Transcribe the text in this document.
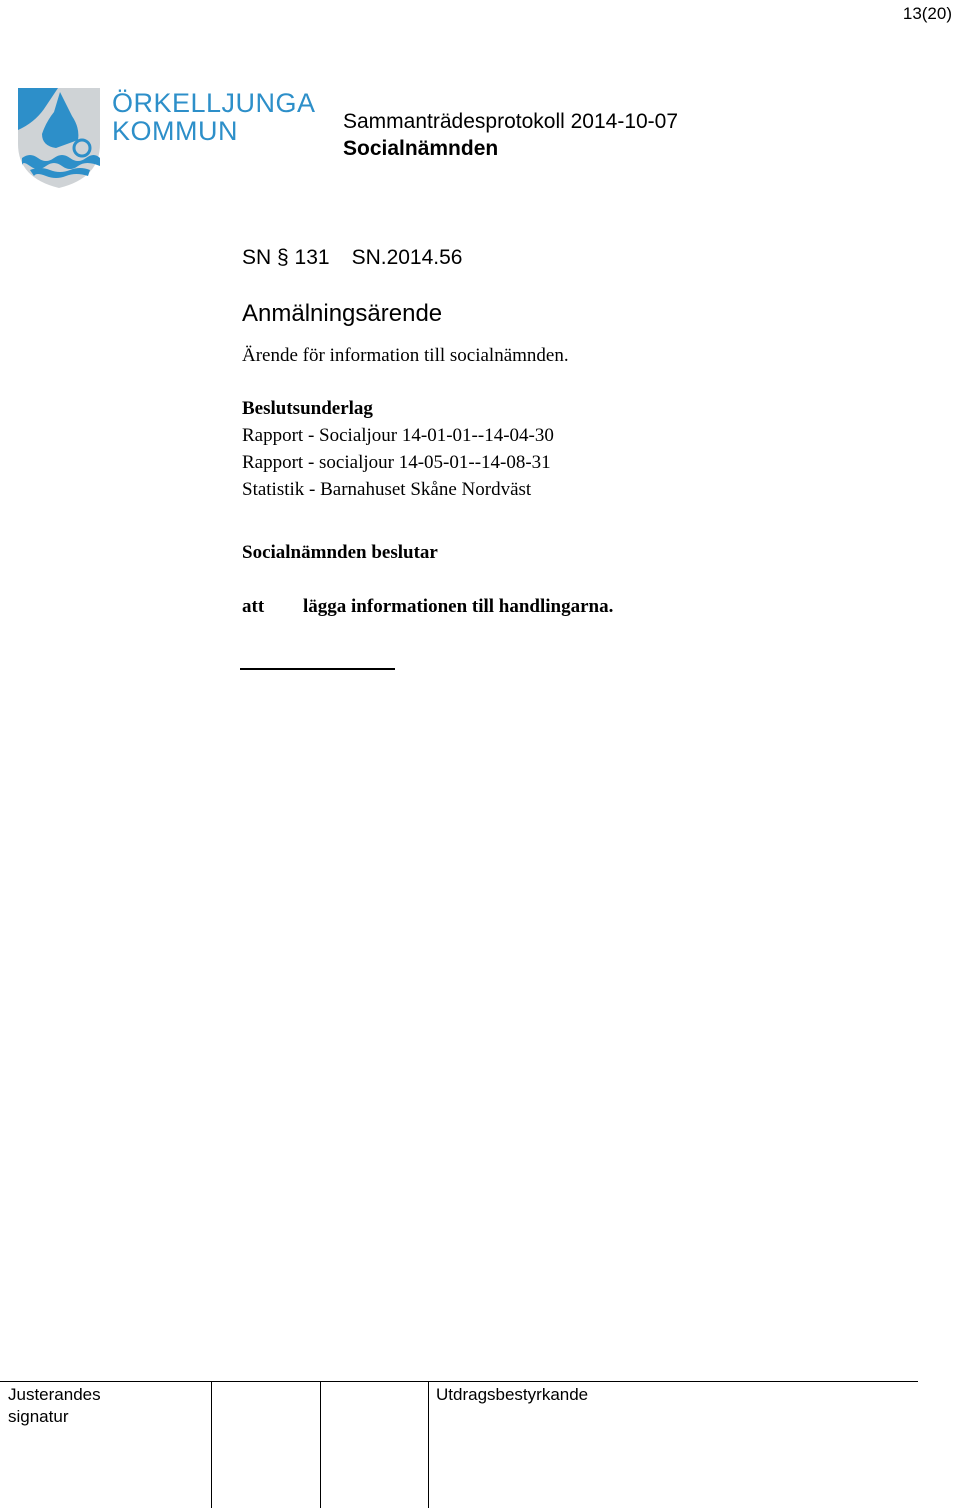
13(20)
ÖRKELLJUNGA
KOMMUN	Sammanträdesprotokoll 2014-10-07
Socialnämnden
SN § 131 SN.2014.56
Anmälningsärende
Ärende för information till socialnämnden.
Beslutsunderlag
Rapport - Socialjour 14-01-01--14-04-30
Rapport - socialjour 14-05-01--14-08-31
Statistik - Barnahuset Skåne Nordväst
Socialnämnden beslutar
att lägga informationen till handlingarna.
Justerandes
signatur
Utdragsbestyrkande
